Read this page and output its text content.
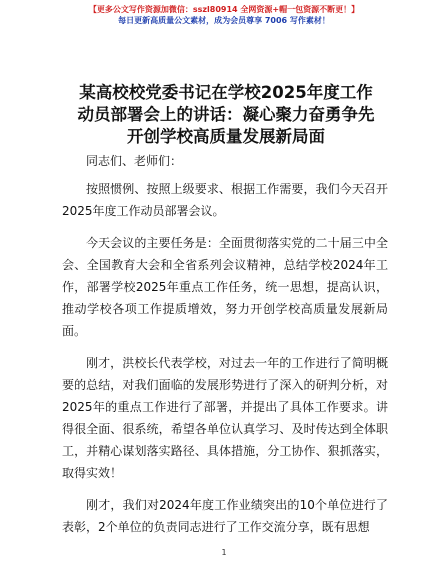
【更多公文写作资源加微信：sszl80914 全网资源+帽一包资源不断更！】
每日更新高质量公文素材，成为会员尊享 7006 写作素材！
某高校校党委书记在学校2025年度工作动员部署会上的讲话：凝心聚力奋勇争先开创学校高质量发展新局面

同志们、老师们：

按照惯例、按照上级要求、根据工作需要，我们今天召开2025年度工作动员部署会议。

今天会议的主要任务是：全面贯彻落实党的二十届三中全会、全国教育大会和全省系列会议精神，总结学校2024年工作，部署学校2025年重点工作任务，统一思想，提高认识，推动学校各项工作提质增效，努力开创学校高质量发展新局面。

刚才，洪校长代表学校，对过去一年的工作进行了简明概要的总结，对我们面临的发展形势进行了深入的研判分析，对2025年的重点工作进行了部署，并提出了具体工作要求。讲得很全面、很系统，希望各单位认真学习、及时传达到全体职工，并精心谋划落实路径、具体措施，分工协作、狠抓落实，取得实效！

刚才，我们对2024年度工作业绩突出的10个单位进行了表彰，2个单位的负责同志进行了工作交流分享，既有思想

1
